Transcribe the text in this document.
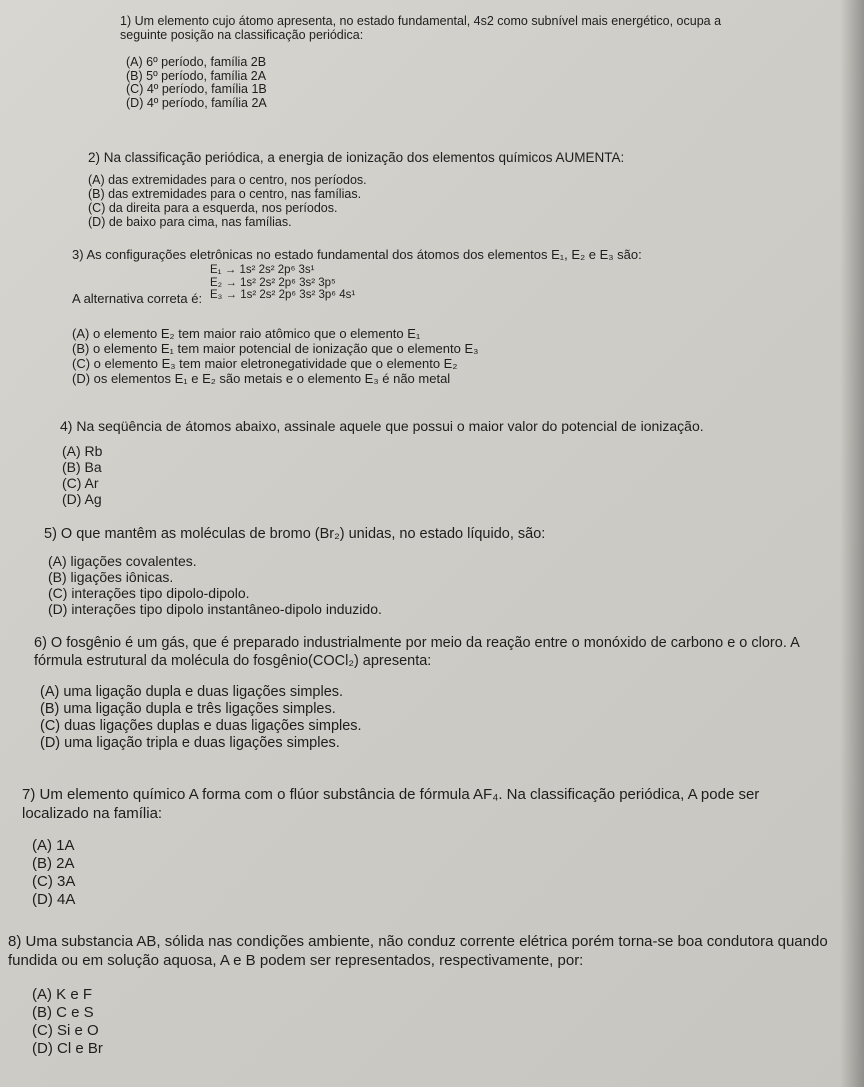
1) Um elemento cujo átomo apresenta, no estado fundamental, 4s2 como subnível mais energético, ocupa a seguinte posição na classificação periódica:

(A) 6º período, família 2B
(B) 5º período, família 2A
(C) 4º período, família 1B
(D) 4º período, família 2A

2) Na classificação periódica, a energia de ionização dos elementos químicos AUMENTA:

(A) das extremidades para o centro, nos períodos.
(B) das extremidades para o centro, nas famílias.
(C) da direita para a esquerda, nos períodos.
(D) de baixo para cima, nas famílias.

3) As configurações eletrônicas no estado fundamental dos átomos dos elementos E₁, E₂ e E₃ são:

E₁ → 1s² 2s² 2p⁶ 3s¹
E₂ → 1s² 2s² 2p⁶ 3s² 3p⁵
E₃ → 1s² 2s² 2p⁶ 3s² 3p⁶ 4s¹

A alternativa correta é:

(A) o elemento E₂ tem maior raio atômico que o elemento E₁
(B) o elemento E₁ tem maior potencial de ionização que o elemento E₃
(C) o elemento E₃ tem maior eletronegatividade que o elemento E₂
(D) os elementos E₁ e E₂ são metais e o elemento E₃ é não metal

4) Na seqüência de átomos abaixo, assinale aquele que possui o maior valor do potencial de ionização.

(A) Rb
(B) Ba
(C) Ar
(D) Ag

5) O que mantêm as moléculas de bromo (Br₂) unidas, no estado líquido, são:

(A) ligações covalentes.
(B) ligações iônicas.
(C) interações tipo dipolo-dipolo.
(D) interações tipo dipolo instantâneo-dipolo induzido.

6) O fosgênio é um gás, que é preparado industrialmente por meio da reação entre o monóxido de carbono e o cloro. A fórmula estrutural da molécula do fosgênio(COCl₂) apresenta:

(A) uma ligação dupla e duas ligações simples.
(B) uma ligação dupla e três ligações simples.
(C) duas ligações duplas e duas ligações simples.
(D) uma ligação tripla e duas ligações simples.

7) Um elemento químico A forma com o flúor substância de fórmula AF₄. Na classificação periódica, A pode ser localizado na família:

(A) 1A
(B) 2A
(C) 3A
(D) 4A

8) Uma substancia AB, sólida nas condições ambiente, não conduz corrente elétrica porém torna-se boa condutora quando fundida ou em solução aquosa, A e B podem ser representados, respectivamente, por:

(A) K e F
(B) C e S
(C) Si e O
(D) Cl e Br
